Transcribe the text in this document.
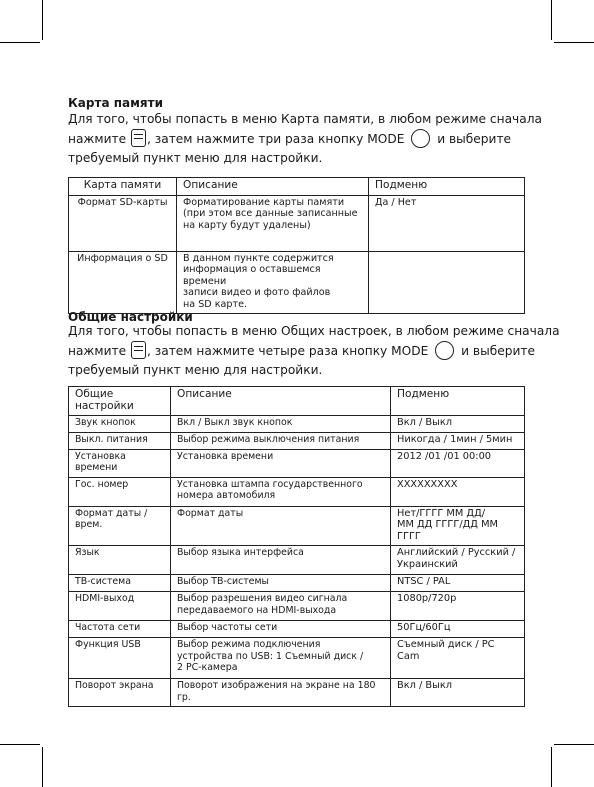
Карта памяти
Для того, чтобы попасть в меню Карта памяти, в любом режиме сначала
нажмите , затем нажмите три раза кнопку MODE	и выберите
требуемый пункт меню для настройки.
Карта памяти	Описание	Подменю
Формат SD-карты	Форматирование карты памяти
(при этом все данные записанные
на карту будут удалены)	Да / Нет

Информация о SD	В данном пункте содержится
информация о оставшемся времени
записи видео и фото файлов
на SD карте.	

Общие настройки
Для того, чтобы попасть в меню Общих настроек, в любом режиме сначала
нажмите , затем нажмите четыре раза кнопку MODE	и выберите
требуемый пункт меню для настройки.
Общие настройки	Описание	Подменю
Звук кнопок	Вкл / Выкл звук кнопок	Вкл / Выкл

Выкл. питания	Выбор режима выключения питания	Никогда / 1мин / 5мин

Установка времени	Установка времени	2012 /01 /01 00:00

Гос. номер	Установка штампа государственного
номера автомобиля	XXXXXXXXX

Формат даты / врем.	Формат даты	Нет/ГГГГ ММ ДД/
ММ ДД ГГГГ/ДД ММ ГГГГ

Язык	Выбор языка интерфейса	Английский / Русский /
Украинский

ТВ-система	Выбор ТВ-системы	NTSC / PAL

HDMI-выход	Выбор разрешения видео сигнала
передаваемого на HDMI-выхода	1080p/720p

Частота сети	Выбор частоты сети	50Гц/60Гц

Функция USB	Выбор режима подключения
устройства по USB: 1 Съемный диск /
2 PC-камера	Съемный диск / PC Cam

Поворот экрана	Поворот изображения на экране на 180 гр.	Вкл / Выкл
